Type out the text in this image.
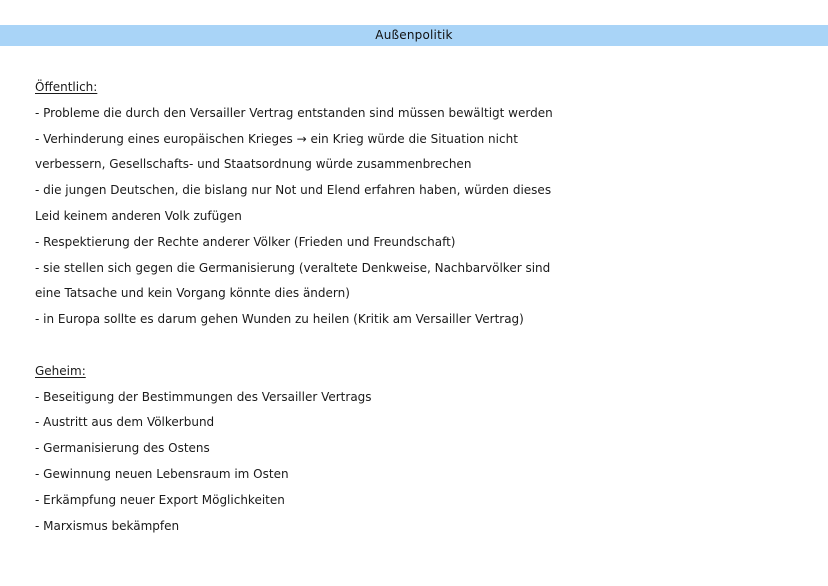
Außenpolitik
Öffentlich:
- Probleme die durch den Versailler Vertrag entstanden sind müssen bewältigt werden
- Verhinderung eines europäischen Krieges → ein Krieg würde die Situation nicht
verbessern, Gesellschafts- und Staatsordnung würde zusammenbrechen
- die jungen Deutschen, die bislang nur Not und Elend erfahren haben, würden dieses
Leid keinem anderen Volk zufügen
- Respektierung der Rechte anderer Völker (Frieden und Freundschaft)
- sie stellen sich gegen die Germanisierung (veraltete Denkweise, Nachbarvölker sind
eine Tatsache und kein Vorgang könnte dies ändern)
- in Europa sollte es darum gehen Wunden zu heilen (Kritik am Versailler Vertrag)
Geheim:
- Beseitigung der Bestimmungen des Versailler Vertrags
- Austritt aus dem Völkerbund
- Germanisierung des Ostens
- Gewinnung neuen Lebensraum im Osten
- Erkämpfung neuer Export Möglichkeiten
- Marxismus bekämpfen
